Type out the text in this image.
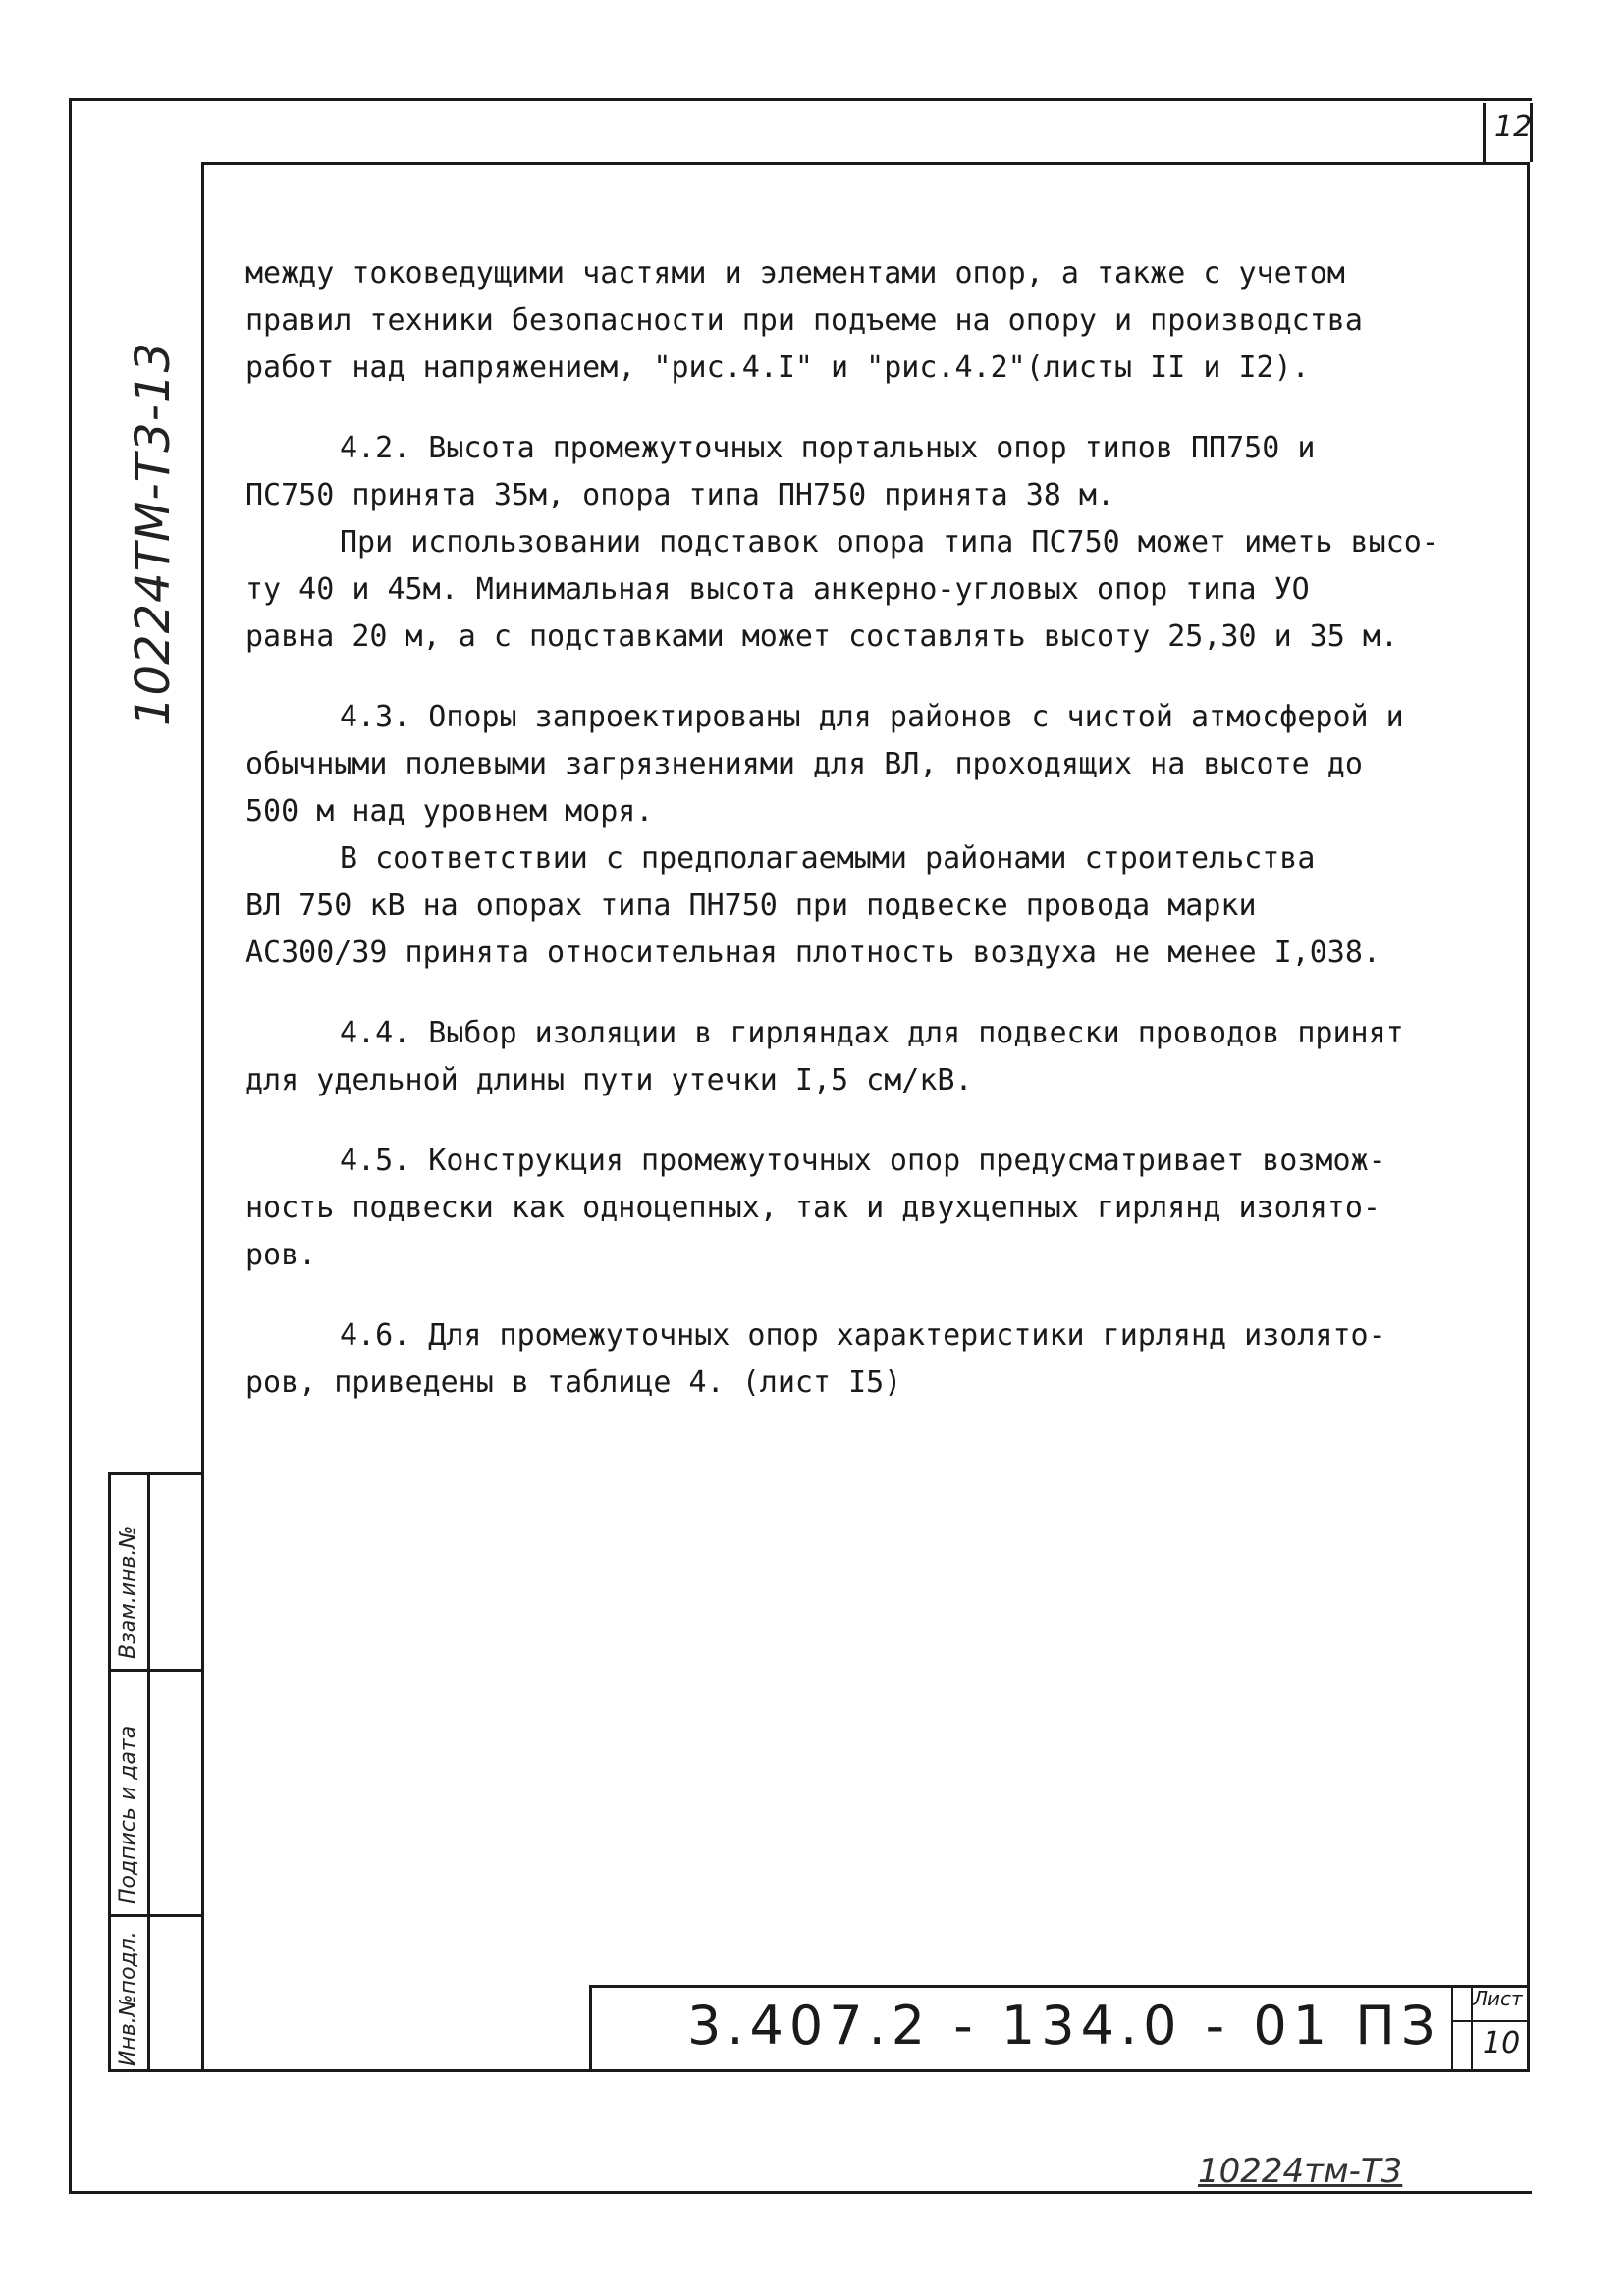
12
10224ТМ-Т3-13
Инв.№подл.
Подпись и дата
Взам.инв.№
между токоведущими частями и элементами опор, а также с учетом
правил техники безопасности при подъеме на опору и производства
работ над напряжением, "рис.4.I" и "рис.4.2"(листы II и I2).
4.2. Высота промежуточных портальных опор типов ПП750 и
ПС750 принята 35м, опора типа ПН750 принята 38 м.
При использовании подставок опора типа ПС750 может иметь высо-
ту 40 и 45м. Минимальная высота анкерно-угловых опор типа УО
равна 20 м, а с подставками может составлять высоту 25,30 и 35 м.
4.3. Опоры запроектированы для районов с чистой атмосферой и
обычными полевыми загрязнениями для ВЛ, проходящих на высоте до
500 м над уровнем моря.
В соответствии с предполагаемыми районами строительства
ВЛ 750 кВ на опорах типа ПН750 при подвеске провода марки
АС300/39 принята относительная плотность воздуха не менее I,038.
4.4. Выбор изоляции в гирляндах для подвески проводов принят
для удельной длины пути утечки I,5 см/кВ.
4.5. Конструкция промежуточных опор предусматривает возмож-
ность подвески как одноцепных, так и двухцепных гирлянд изолято-
ров.
4.6. Для промежуточных опор характеристики гирлянд изолято-
ров, приведены в таблице 4. (лист I5)
3.407.2 - 134.0 - 01 ПЗ Лист
10
10224тм-Т3
